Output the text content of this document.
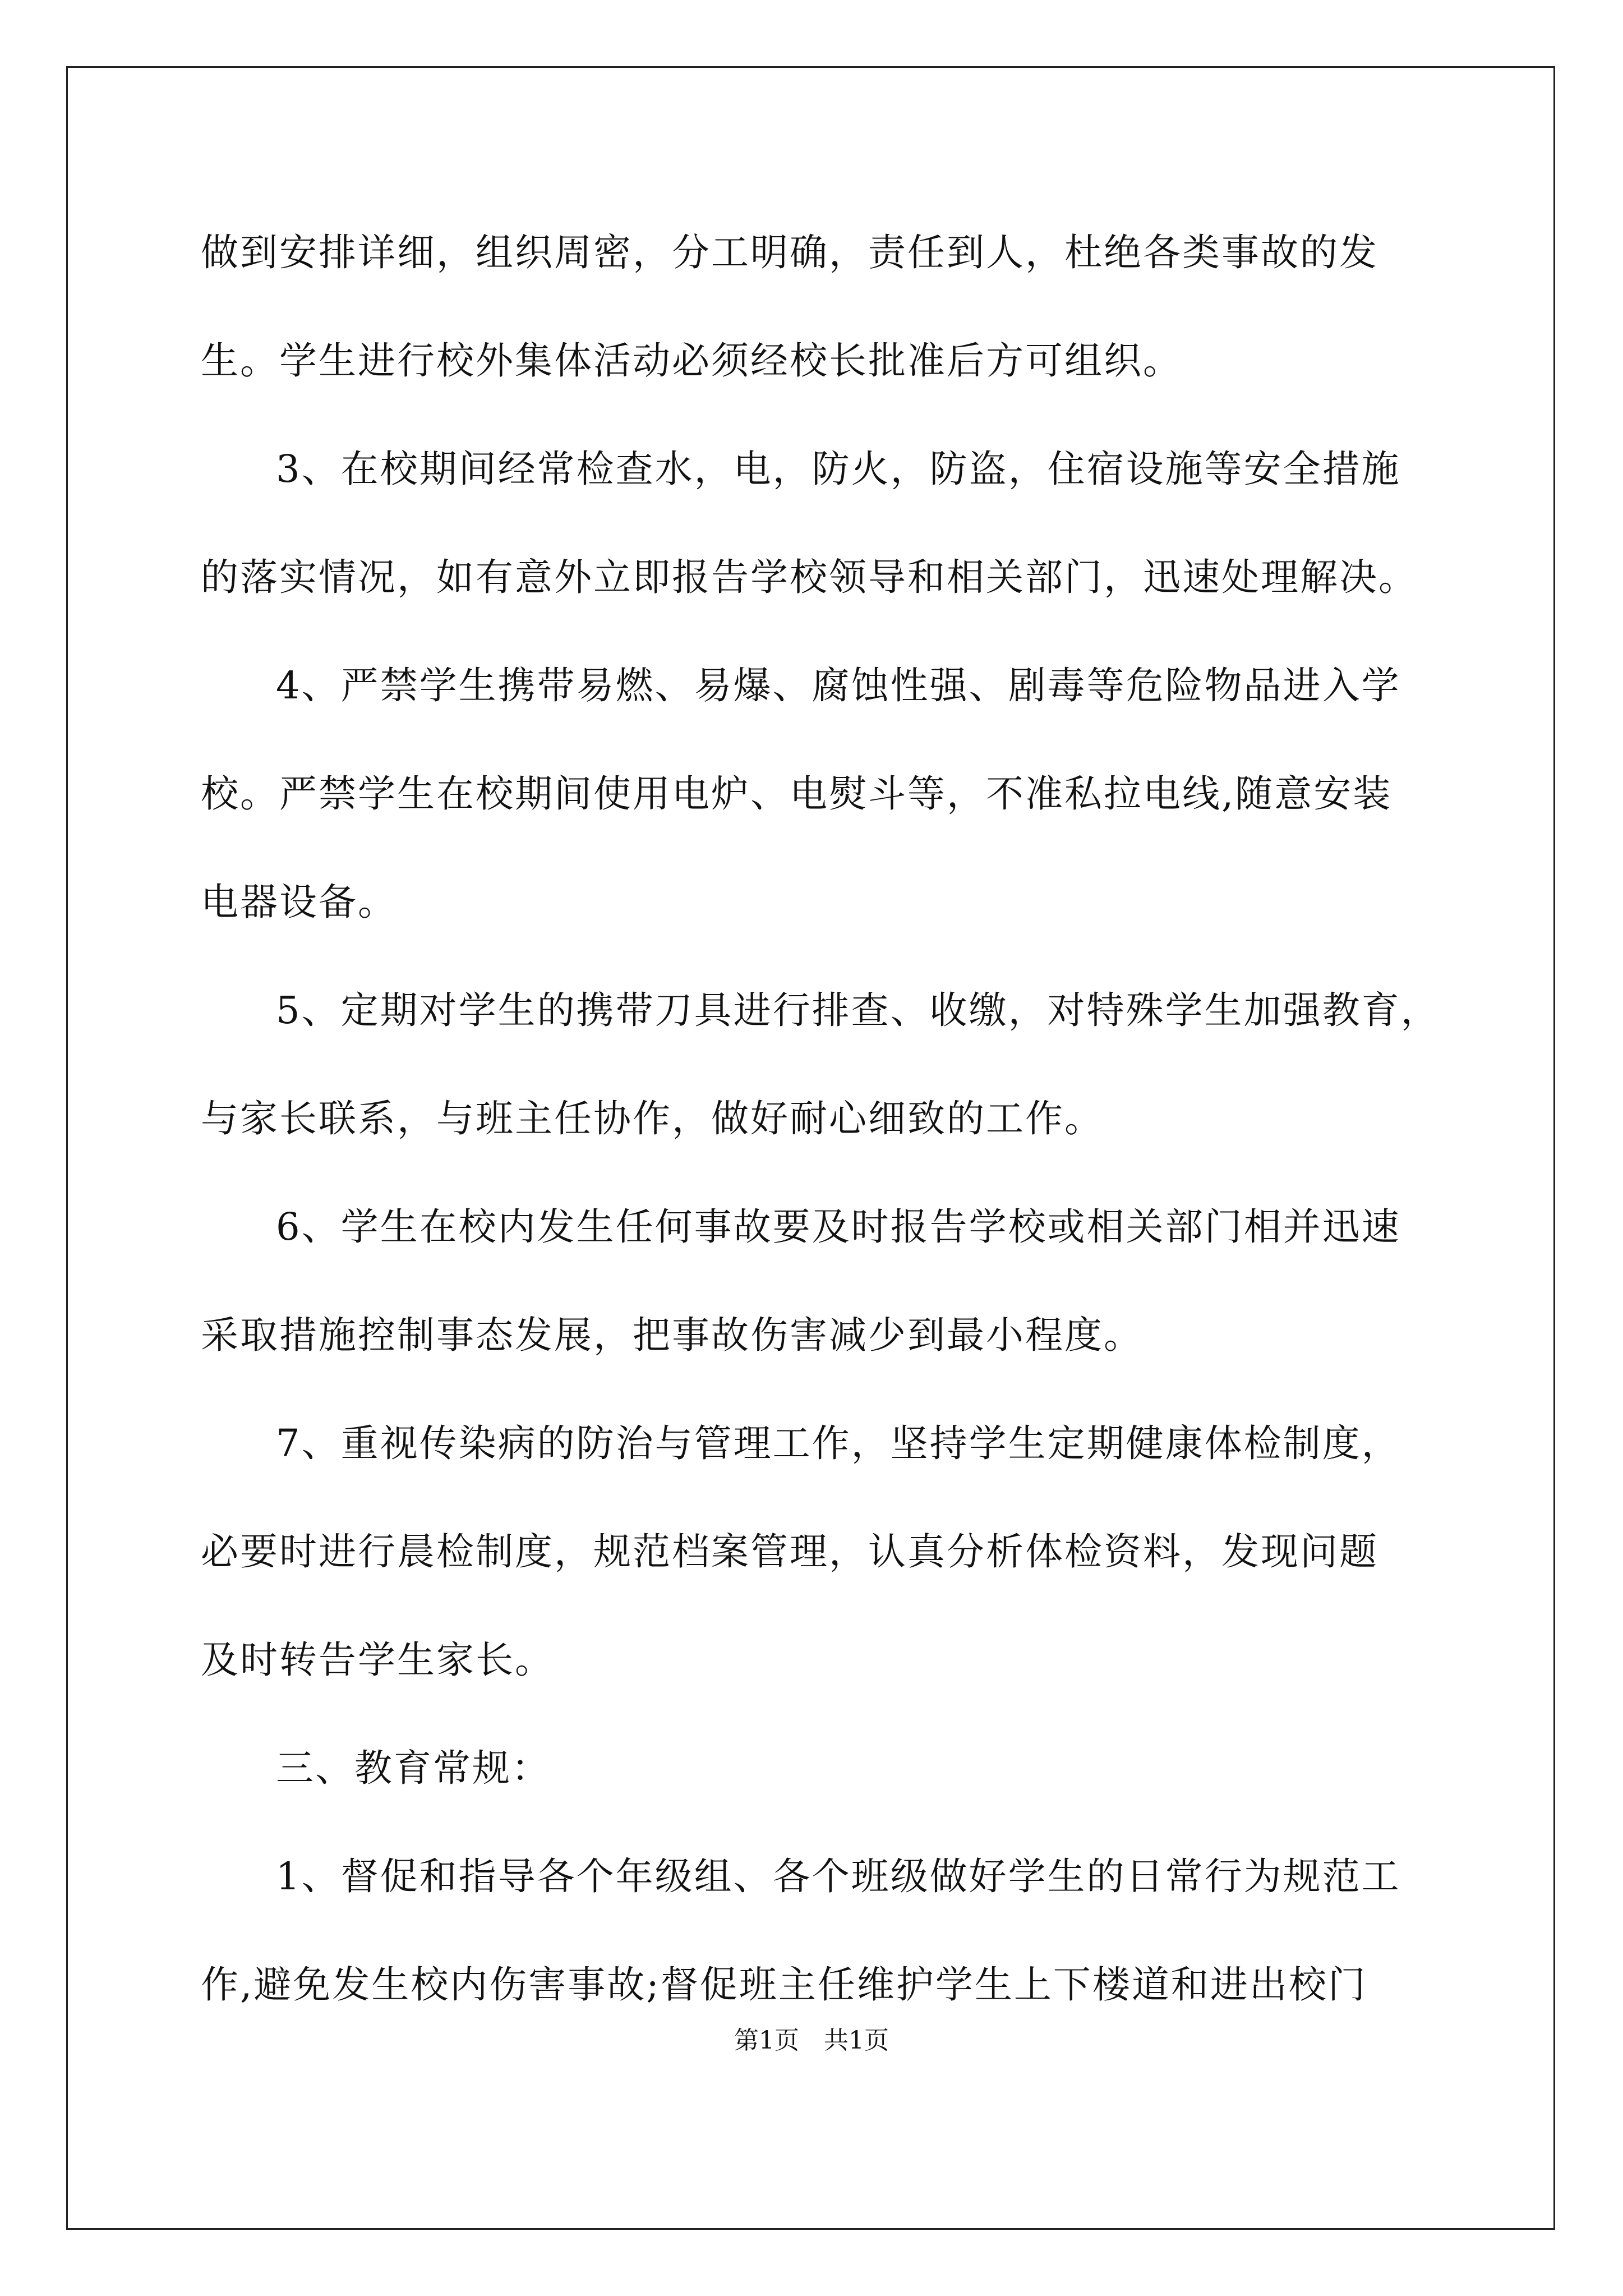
做到安排详细，组织周密，分工明确，责任到人，杜绝各类事故的发
生。学生进行校外集体活动必须经校长批准后方可组织。
3、在校期间经常检查水，电，防火，防盗，住宿设施等安全措施
的落实情况，如有意外立即报告学校领导和相关部门，迅速处理解决。
4、严禁学生携带易燃、易爆、腐蚀性强、剧毒等危险物品进入学
校。严禁学生在校期间使用电炉、电熨斗等，不准私拉电线,随意安装
电器设备。
5、定期对学生的携带刀具进行排查、收缴，对特殊学生加强教育，
与家长联系，与班主任协作，做好耐心细致的工作。
6、学生在校内发生任何事故要及时报告学校或相关部门相并迅速
采取措施控制事态发展，把事故伤害减少到最小程度。
7、重视传染病的防治与管理工作，坚持学生定期健康体检制度，
必要时进行晨检制度，规范档案管理，认真分析体检资料，发现问题
及时转告学生家长。
三、教育常规：
1、督促和指导各个年级组、各个班级做好学生的日常行为规范工
作,避免发生校内伤害事故;督促班主任维护学生上下楼道和进出校门
第1页　共1页
